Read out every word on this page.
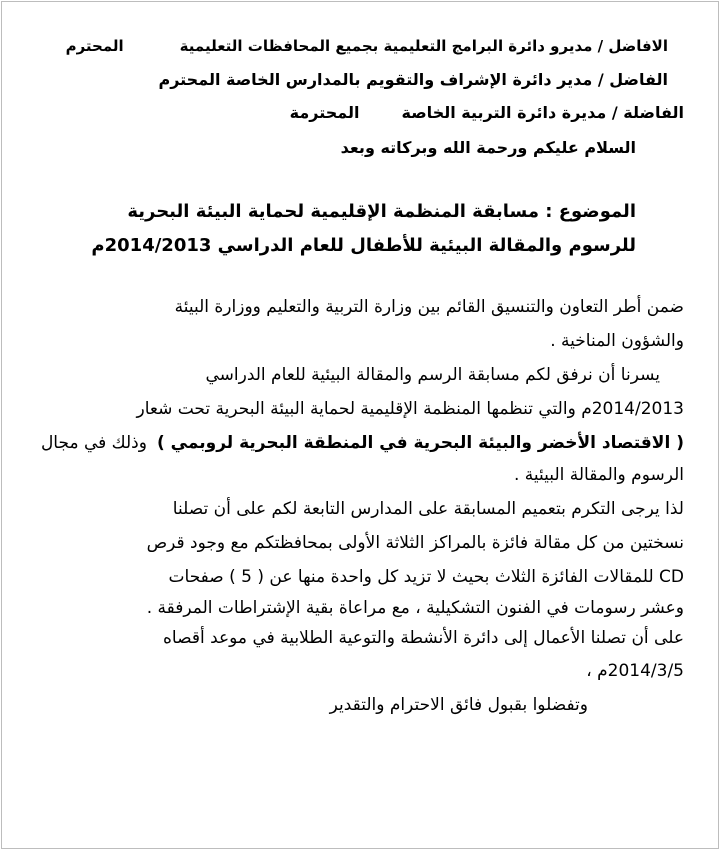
الافاضل / مديرو دائرة البرامج التعليمية بجميع المحافظات التعليميةالمحترم
الفاضل / مدير دائرة الإشراف والتقويم بالمدارس الخاصة المحترم
الفاضلة / مديرة دائرة التربية الخاصةالمحترمة
السلام عليكم ورحمة الله وبركاته وبعد
الموضوع : مسابقة المنظمة الإقليمية لحماية البيئة البحرية
للرسوم والمقالة البيئية للأطفال للعام الدراسي 2014/2013م
ضمن أطر التعاون والتنسيق القائم بين وزارة التربية والتعليم ووزارة البيئة
والشؤون المناخية .
يسرنا أن نرفق لكم مسابقة الرسم والمقالة البيئية للعام الدراسي
2014/2013م والتي تنظمها المنظمة الإقليمية لحماية البيئة البحرية تحت شعار
( الاقتصاد الأخضر والبيئة البحرية في المنطقة البحرية لروبمي )وذلك في مجال
الرسوم والمقالة البيئية .
لذا يرجى التكرم بتعميم المسابقة على المدارس التابعة لكم على أن تصلنا
نسختين من كل مقالة فائزة بالمراكز الثلاثة الأولى بمحافظتكم مع وجود قرص
CD للمقالات الفائزة الثلاث بحيث لا تزيد كل واحدة منها عن ( 5 ) صفحات
وعشر رسومات في الفنون التشكيلية ، مع مراعاة بقية الإشتراطات المرفقة .
على أن تصلنا الأعمال إلى دائرة الأنشطة والتوعية الطلابية في موعد أقصاه
2014/3/5م ،
وتفضلوا بقبول فائق الاحترام والتقدير
